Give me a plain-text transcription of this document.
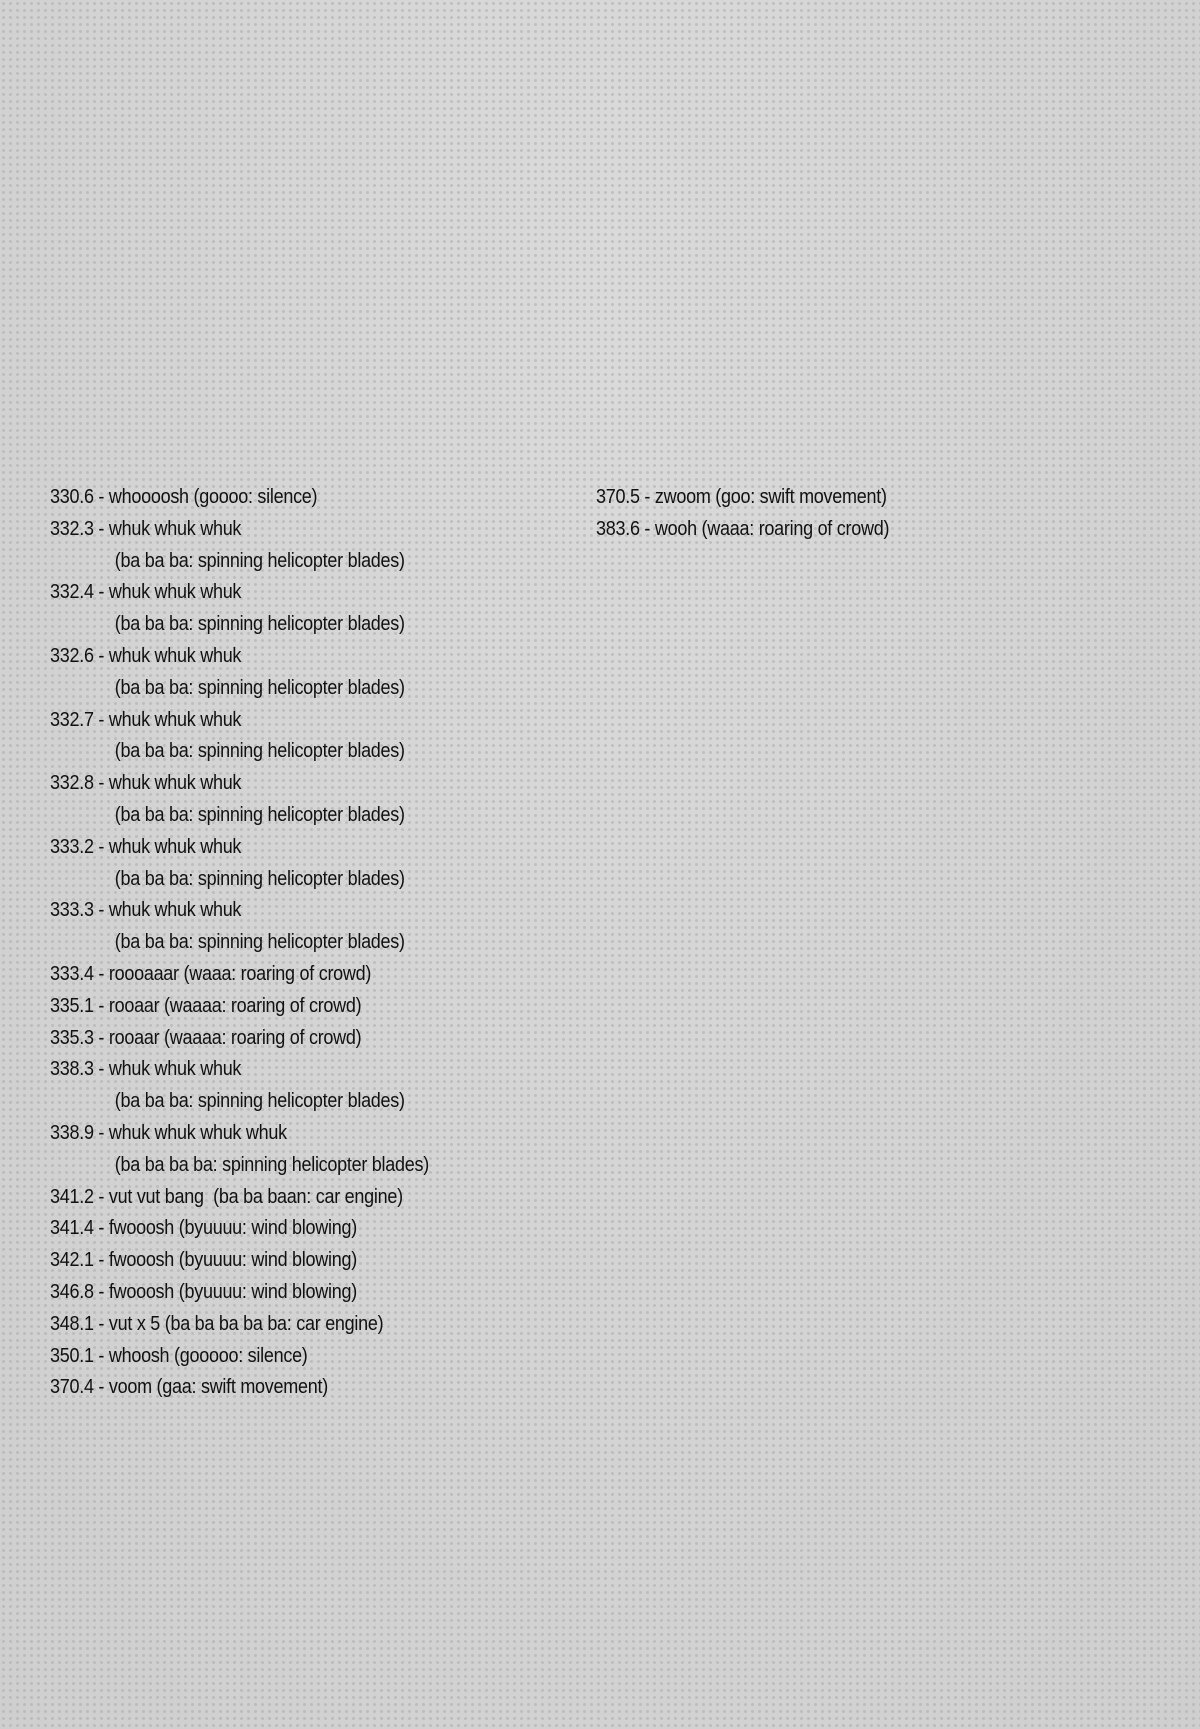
330.6 - whoooosh (goooo: silence)
332.3 - whuk whuk whuk
(ba ba ba: spinning helicopter blades)
332.4 - whuk whuk whuk
(ba ba ba: spinning helicopter blades)
332.6 - whuk whuk whuk
(ba ba ba: spinning helicopter blades)
332.7 - whuk whuk whuk
(ba ba ba: spinning helicopter blades)
332.8 - whuk whuk whuk
(ba ba ba: spinning helicopter blades)
333.2 - whuk whuk whuk
(ba ba ba: spinning helicopter blades)
333.3 - whuk whuk whuk
(ba ba ba: spinning helicopter blades)
333.4 - roooaaar (waaa: roaring of crowd)
335.1 - rooaar (waaaa: roaring of crowd)
335.3 - rooaar (waaaa: roaring of crowd)
338.3 - whuk whuk whuk
(ba ba ba: spinning helicopter blades)
338.9 - whuk whuk whuk whuk
(ba ba ba ba: spinning helicopter blades)
341.2 - vut vut bang  (ba ba baan: car engine)
341.4 - fwooosh (byuuuu: wind blowing)
342.1 - fwooosh (byuuuu: wind blowing)
346.8 - fwooosh (byuuuu: wind blowing)
348.1 - vut x 5 (ba ba ba ba ba: car engine)
350.1 - whoosh (gooooo: silence)
370.4 - voom (gaa: swift movement)
370.5 - zwoom (goo: swift movement)
383.6 - wooh (waaa: roaring of crowd)
